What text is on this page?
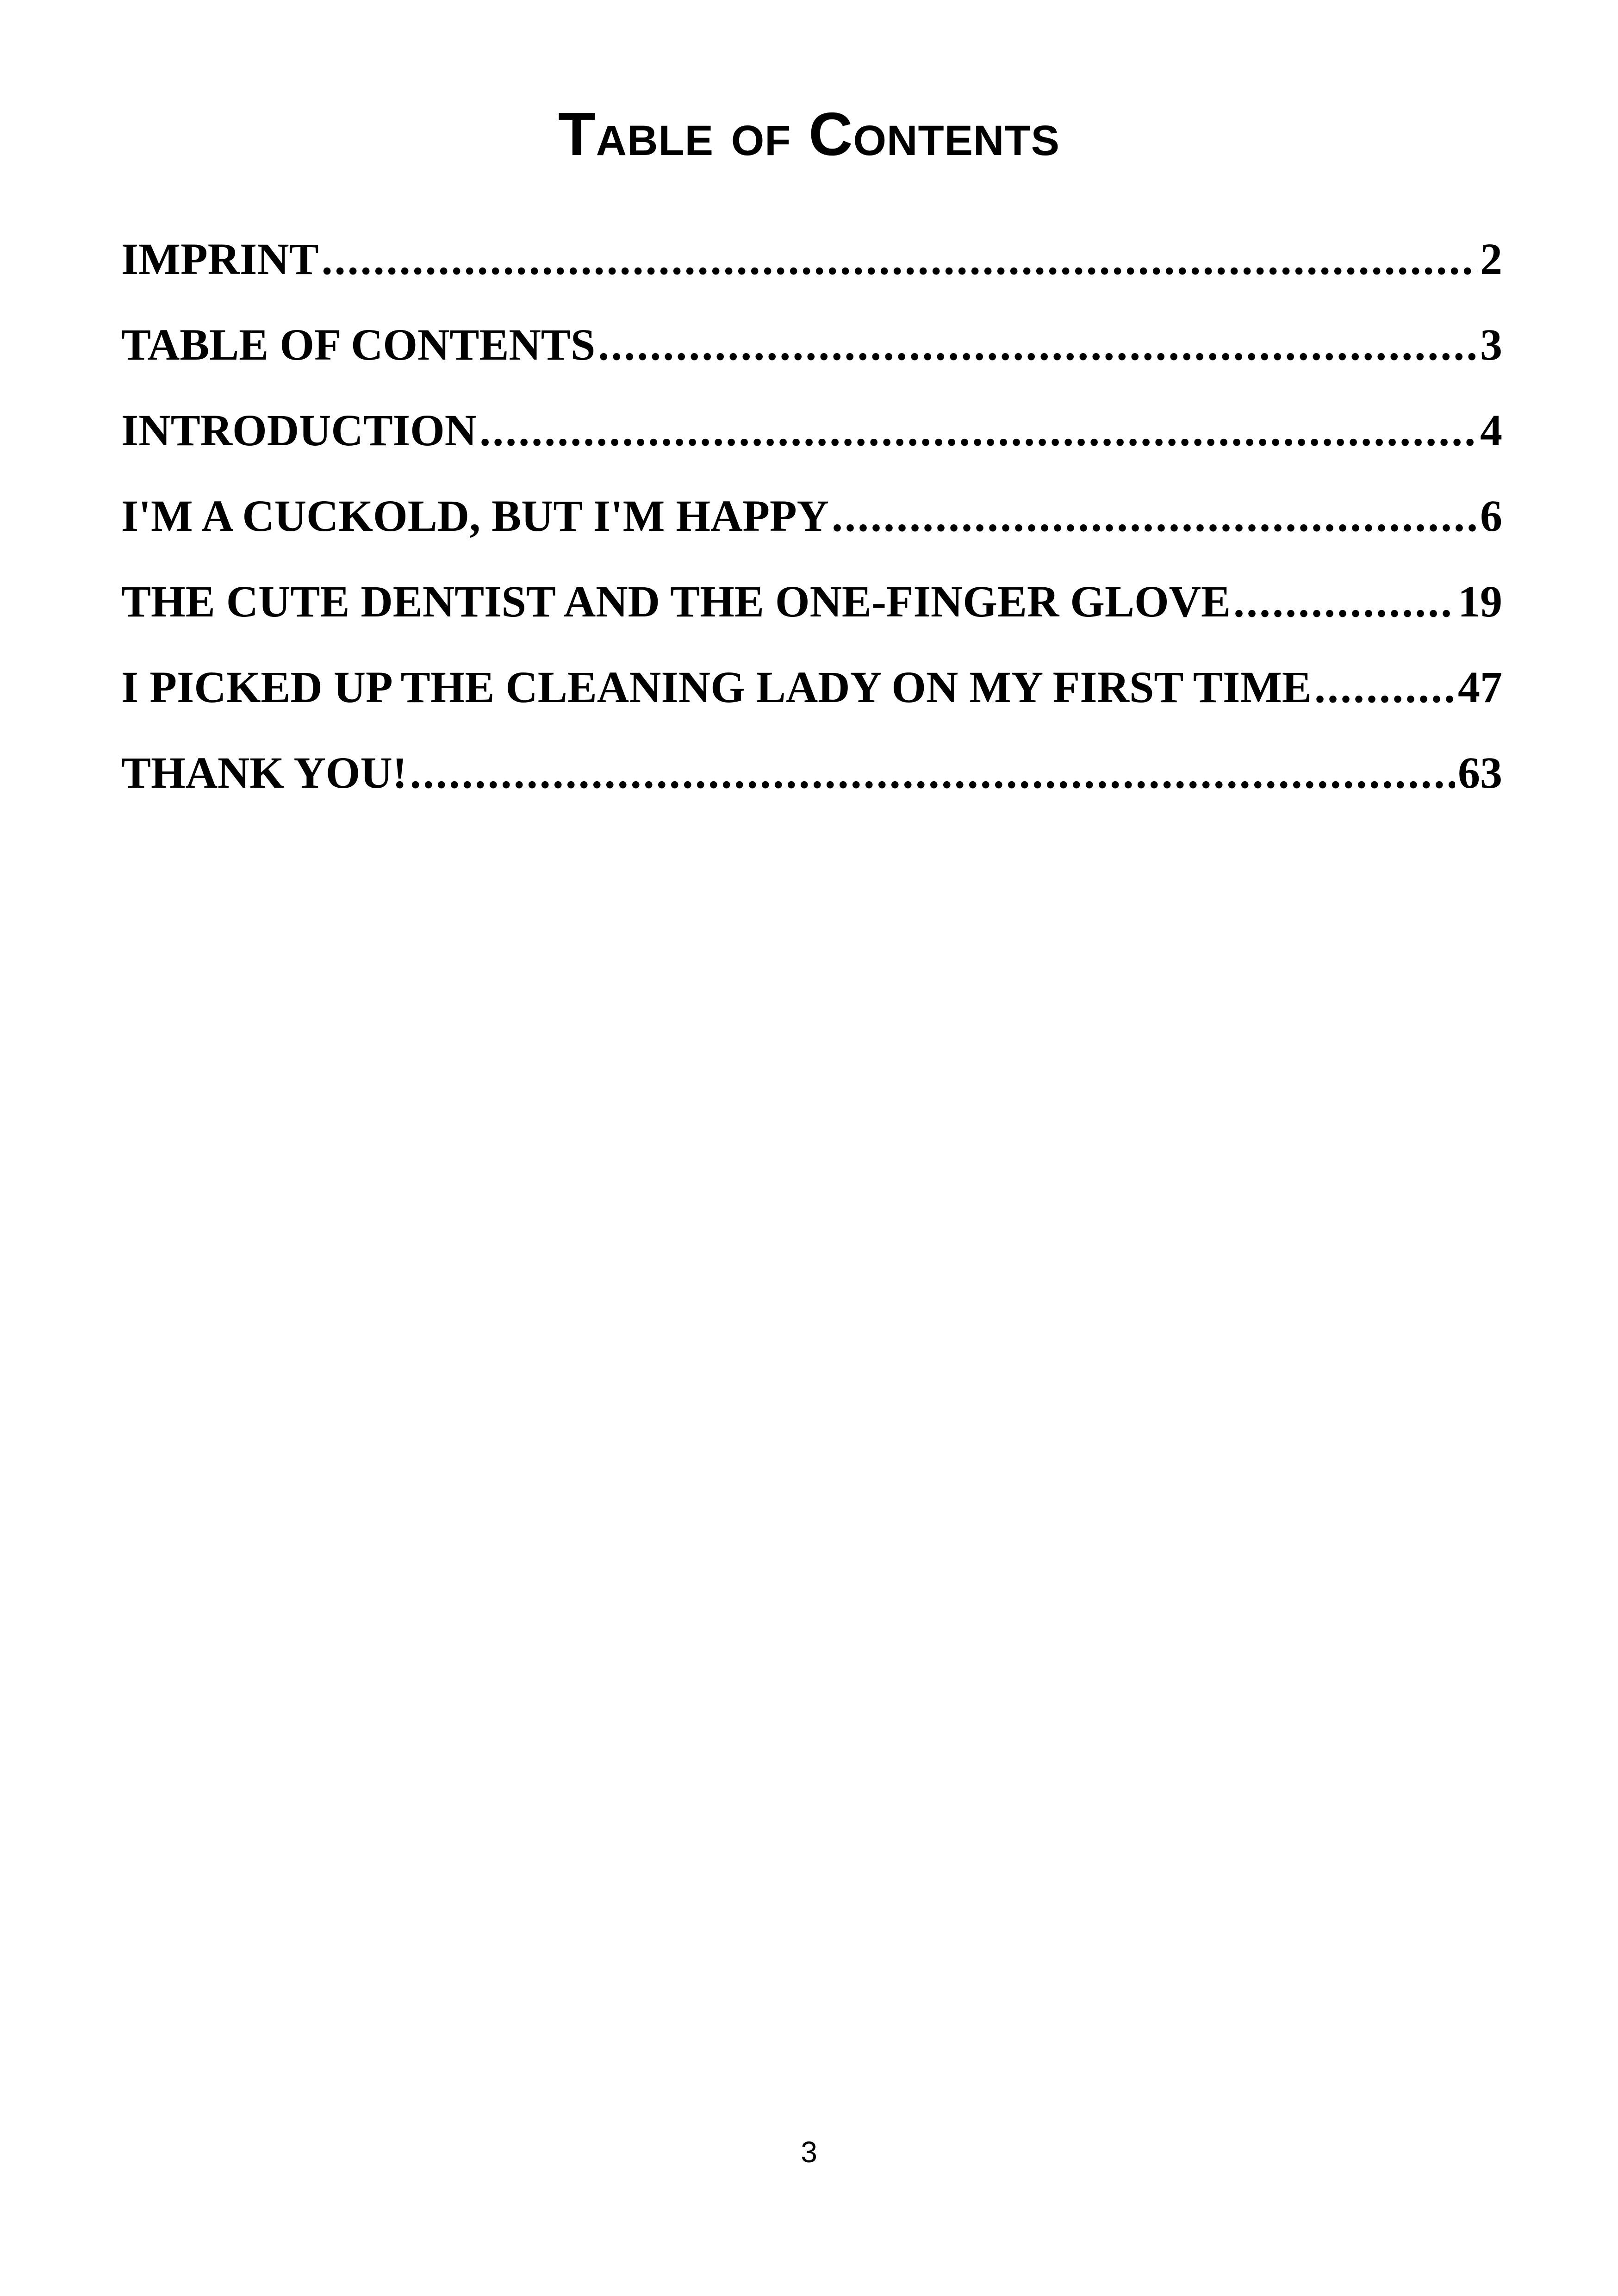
Table of Contents
IMPRINT .....	2
TABLE OF CONTENTS .....	3
INTRODUCTION .....	4
I'M A CUCKOLD, BUT I'M HAPPY .....	6
THE CUTE DENTIST AND THE ONE-FINGER GLOVE .....	19
I PICKED UP THE CLEANING LADY ON MY FIRST TIME .....	47
THANK YOU! .....	63
3
